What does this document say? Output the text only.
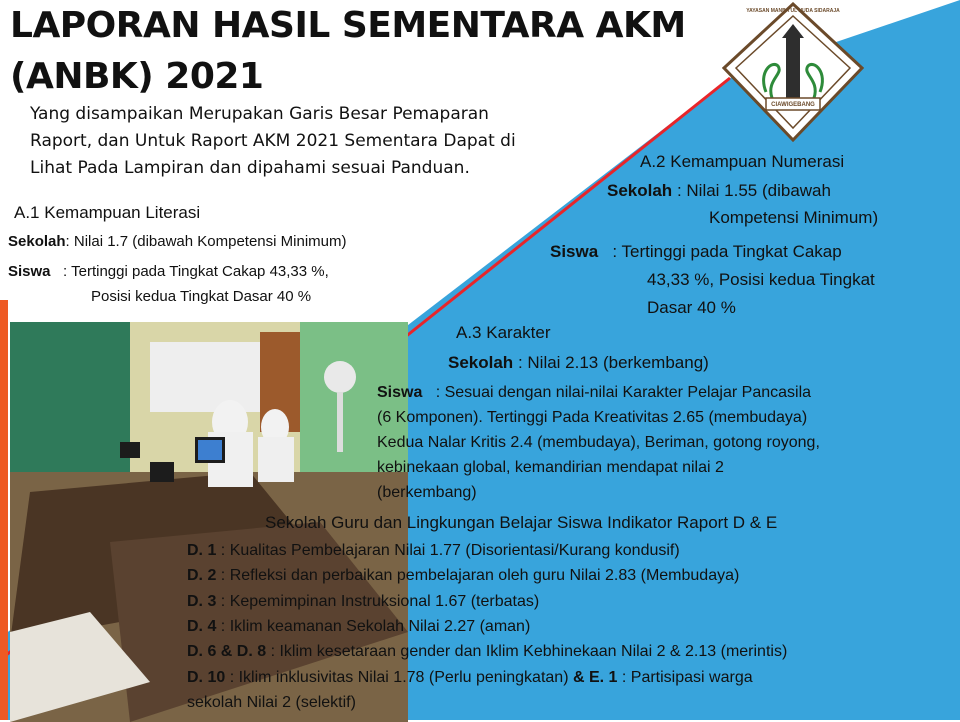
LAPORAN HASIL SEMENTARA AKM
(ANBK) 2021
Yang disampaikan Merupakan Garis Besar Pemaparan
Raport, dan Untuk Raport AKM 2021 Sementara Dapat di
Lihat Pada Lampiran dan dipahami sesuai Panduan.
CIAWIGEBANG
YAYASAN MANBA'UL HUDA SIDARAJA
A.1 Kemampuan Literasi
Sekolah: Nilai 1.7 (dibawah Kompetensi Minimum)
Siswa : Tertinggi pada Tingkat Cakap 43,33 %,
Posisi kedua Tingkat Dasar 40 %
A.2 Kemampuan Numerasi
Sekolah : Nilai 1.55 (dibawah
Kompetensi Minimum)
Siswa : Tertinggi pada Tingkat Cakap
43,33 %, Posisi kedua Tingkat
Dasar 40 %
A.3 Karakter
Sekolah : Nilai 2.13 (berkembang)
Siswa : Sesuai dengan nilai-nilai Karakter Pelajar Pancasila
(6 Komponen). Tertinggi Pada Kreativitas 2.65 (membudaya)
Kedua Nalar Kritis 2.4 (membudaya), Beriman, gotong royong,
kebinekaan global, kemandirian mendapat nilai 2
(berkembang)
Sekolah Guru dan Lingkungan Belajar Siswa Indikator Raport D & E
D. 1 : Kualitas Pembelajaran Nilai 1.77 (Disorientasi/Kurang kondusif)
D. 2 : Refleksi dan perbaikan pembelajaran oleh guru Nilai 2.83 (Membudaya)
D. 3 : Kepemimpinan Instruksional 1.67 (terbatas)
D. 4 : Iklim keamanan Sekolah Nilai 2.27 (aman)
D. 6 & D. 8 : Iklim kesetaraan gender dan Iklim Kebhinekaan Nilai 2 & 2.13 (merintis)
D. 10 : Iklim inklusivitas Nilai 1.78 (Perlu peningkatan) & E. 1 : Partisipasi warga
sekolah Nilai 2 (selektif)
